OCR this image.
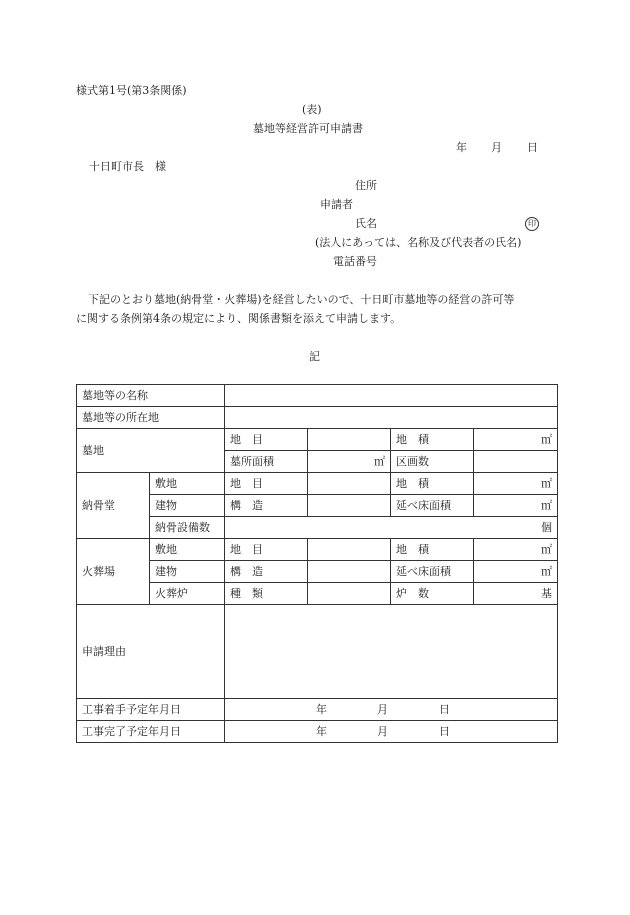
様式第1号(第3条関係)
(表)
墓地等経営許可申請書
年 月 日
十日町市長　様
住所
申請者
氏名	印
(法人にあっては、名称及び代表者の氏名)
電話番号
下記のとおり墓地(納骨堂・火葬場)を経営したいので、十日町市墓地等の経営の許可等
に関する条例第4条の規定により、関係書類を添えて申請します。
記
墓地等の名称					
墓地等の所在地					
墓地		地　目		地　積	㎡
		墓所面積	㎡	区画数	
納骨堂	敷地	地　目		地　積	㎡
	建物	構　造		延べ床面積	㎡
	納骨設備数	個			
火葬場	敷地	地　目		地　積	㎡
	建物	構　造		延べ床面積	㎡
	火葬炉	種　類		炉　数	基
申請理由					
工事着手予定年月日		年 月 日			
工事完了予定年月日		年 月 日			
